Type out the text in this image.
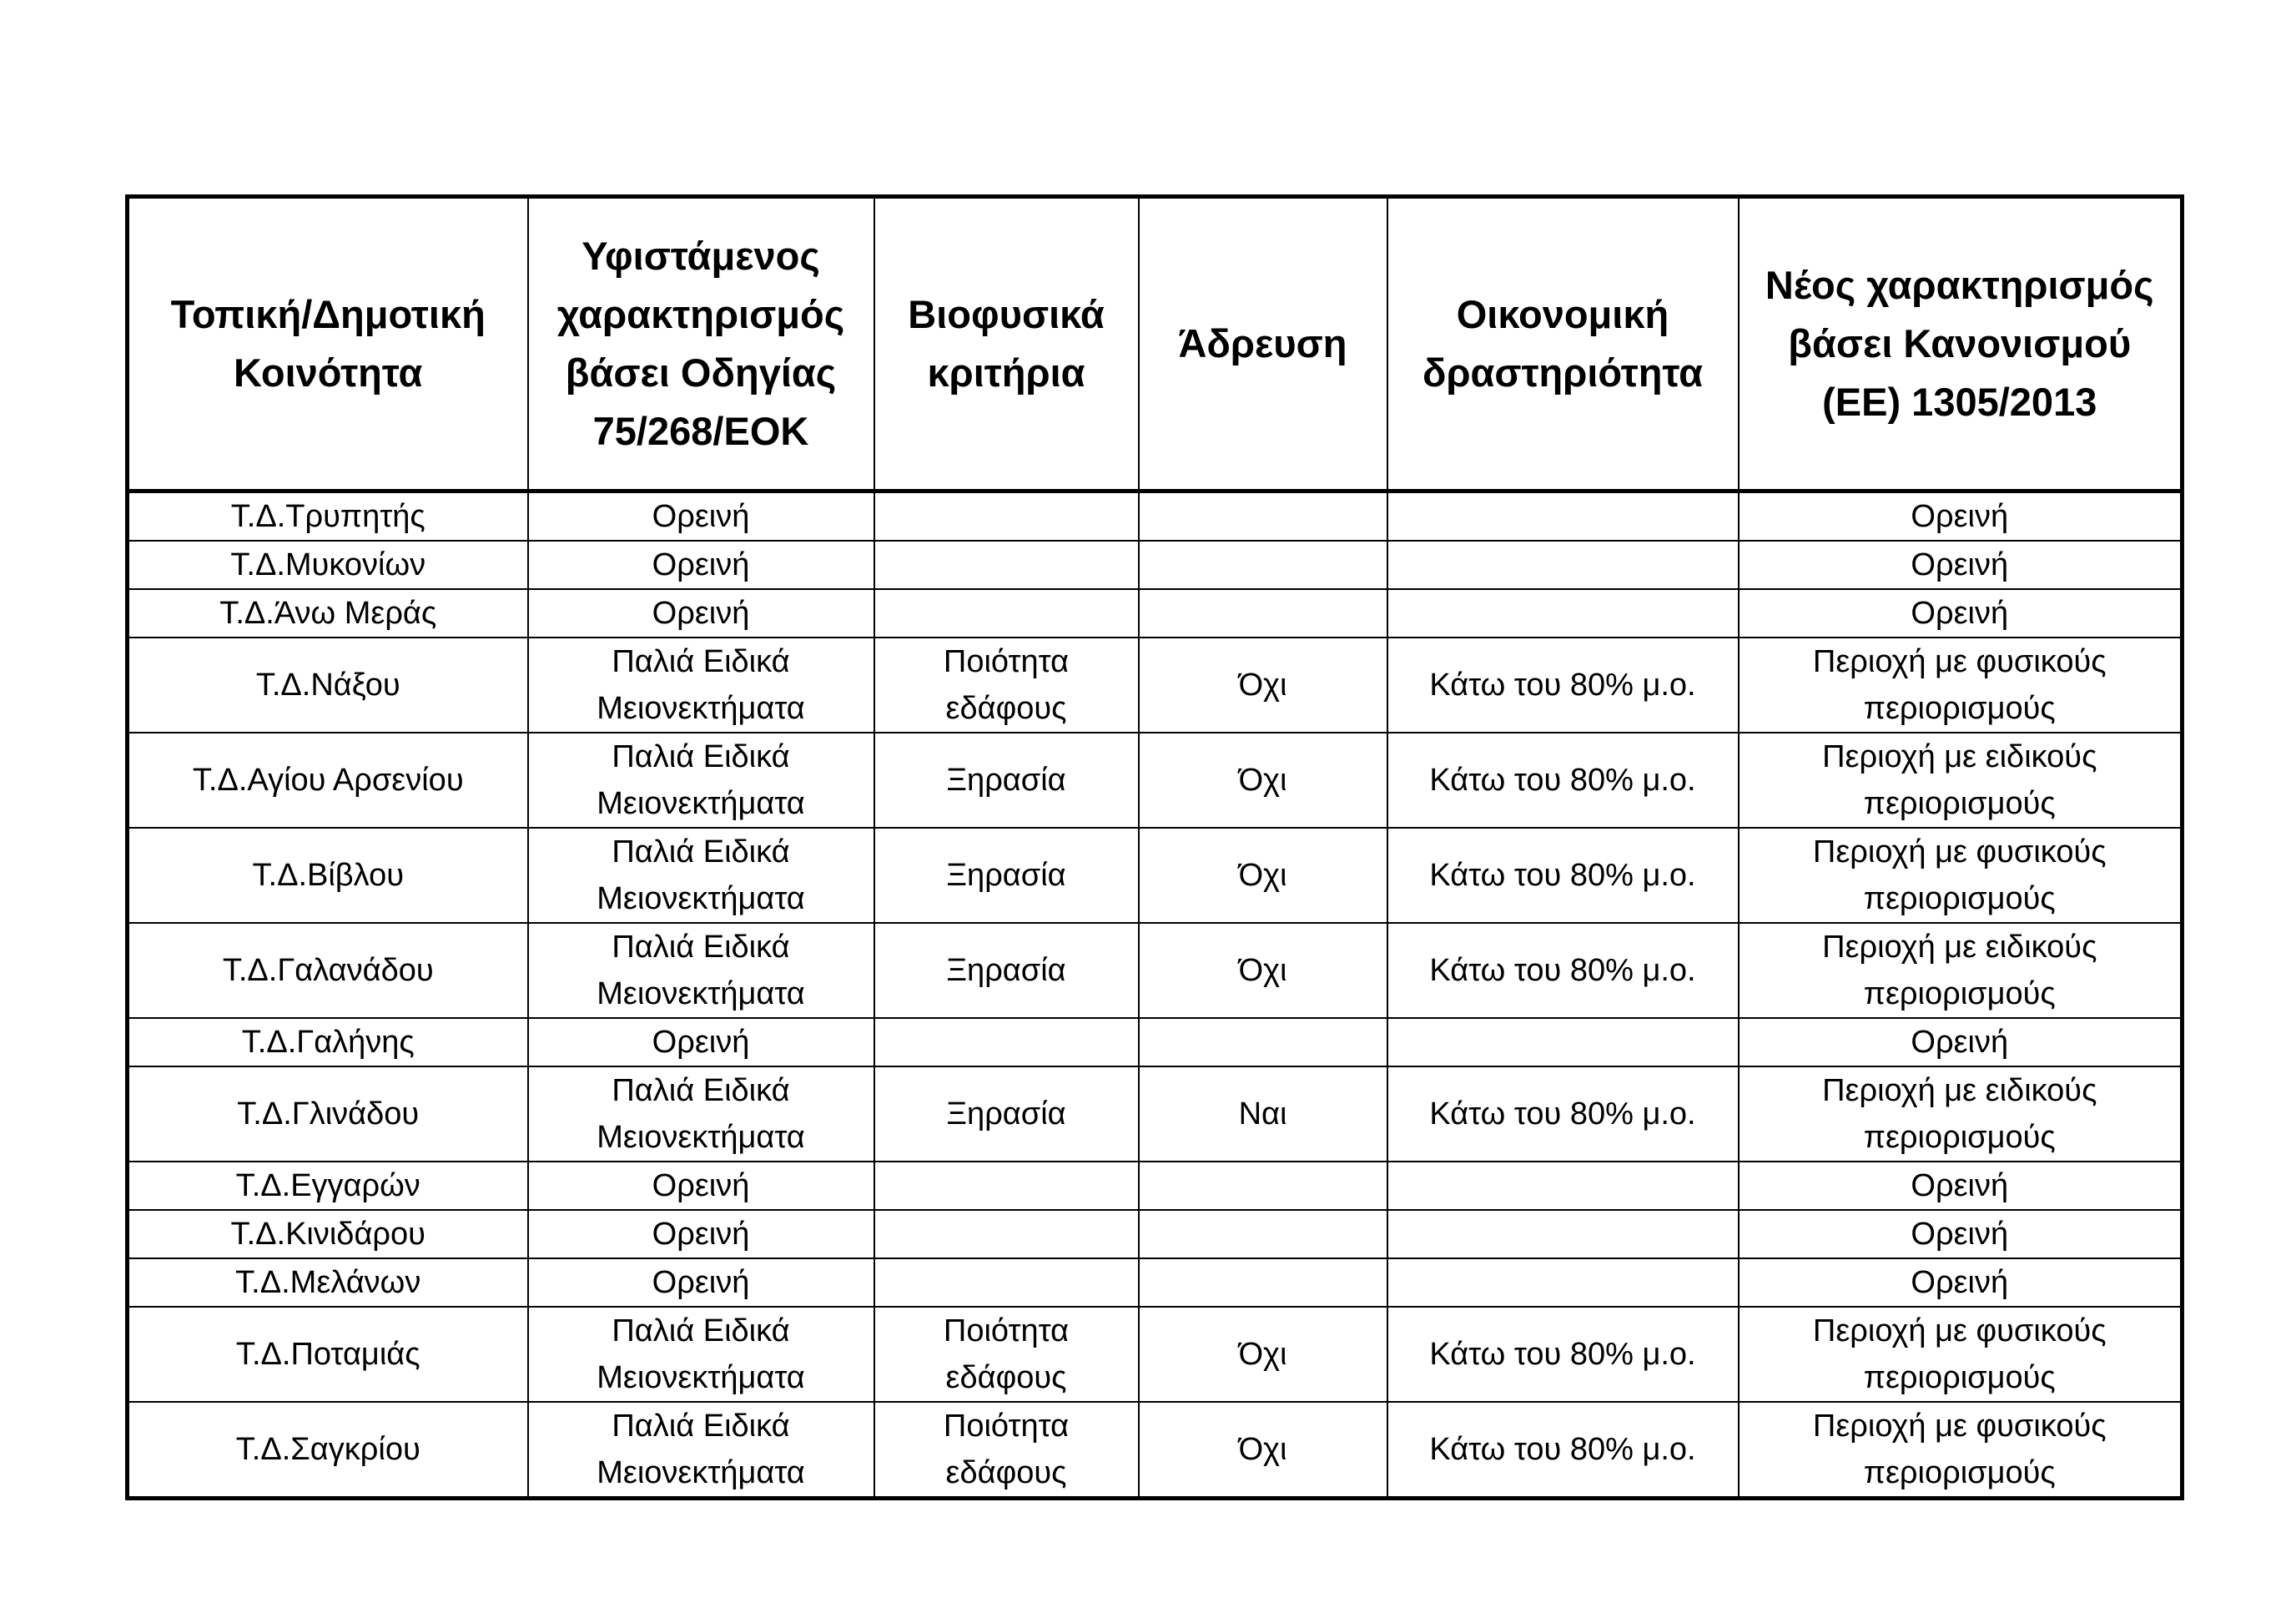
Τοπική/Δημοτική
Κοινότητα	Υφιστάμενος
χαρακτηρισμός
βάσει Οδηγίας
75/268/ΕΟΚ	Βιοφυσικά
κριτήρια	Άδρευση	Οικονομική
δραστηριότητα	Νέος χαρακτηρισμός
βάσει Κανονισμού
(ΕΕ) 1305/2013
Τ.Δ.Τρυπητής	Ορεινή				Ορεινή
Τ.Δ.Μυκονίων	Ορεινή				Ορεινή
Τ.Δ.Άνω Μεράς	Ορεινή				Ορεινή
Τ.Δ.Νάξου	Παλιά Ειδικά
Μειονεκτήματα	Ποιότητα
εδάφους	Όχι	Κάτω του 80% μ.ο.	Περιοχή με φυσικούς
περιορισμούς
Τ.Δ.Αγίου Αρσενίου	Παλιά Ειδικά
Μειονεκτήματα	Ξηρασία	Όχι	Κάτω του 80% μ.ο.	Περιοχή με ειδικούς
περιορισμούς
Τ.Δ.Βίβλου	Παλιά Ειδικά
Μειονεκτήματα	Ξηρασία	Όχι	Κάτω του 80% μ.ο.	Περιοχή με φυσικούς
περιορισμούς
Τ.Δ.Γαλανάδου	Παλιά Ειδικά
Μειονεκτήματα	Ξηρασία	Όχι	Κάτω του 80% μ.ο.	Περιοχή με ειδικούς
περιορισμούς
Τ.Δ.Γαλήνης	Ορεινή				Ορεινή
Τ.Δ.Γλινάδου	Παλιά Ειδικά
Μειονεκτήματα	Ξηρασία	Ναι	Κάτω του 80% μ.ο.	Περιοχή με ειδικούς
περιορισμούς
Τ.Δ.Εγγαρών	Ορεινή				Ορεινή
Τ.Δ.Κινιδάρου	Ορεινή				Ορεινή
Τ.Δ.Μελάνων	Ορεινή				Ορεινή
Τ.Δ.Ποταμιάς	Παλιά Ειδικά
Μειονεκτήματα	Ποιότητα
εδάφους	Όχι	Κάτω του 80% μ.ο.	Περιοχή με φυσικούς
περιορισμούς
Τ.Δ.Σαγκρίου	Παλιά Ειδικά
Μειονεκτήματα	Ποιότητα
εδάφους	Όχι	Κάτω του 80% μ.ο.	Περιοχή με φυσικούς
περιορισμούς
